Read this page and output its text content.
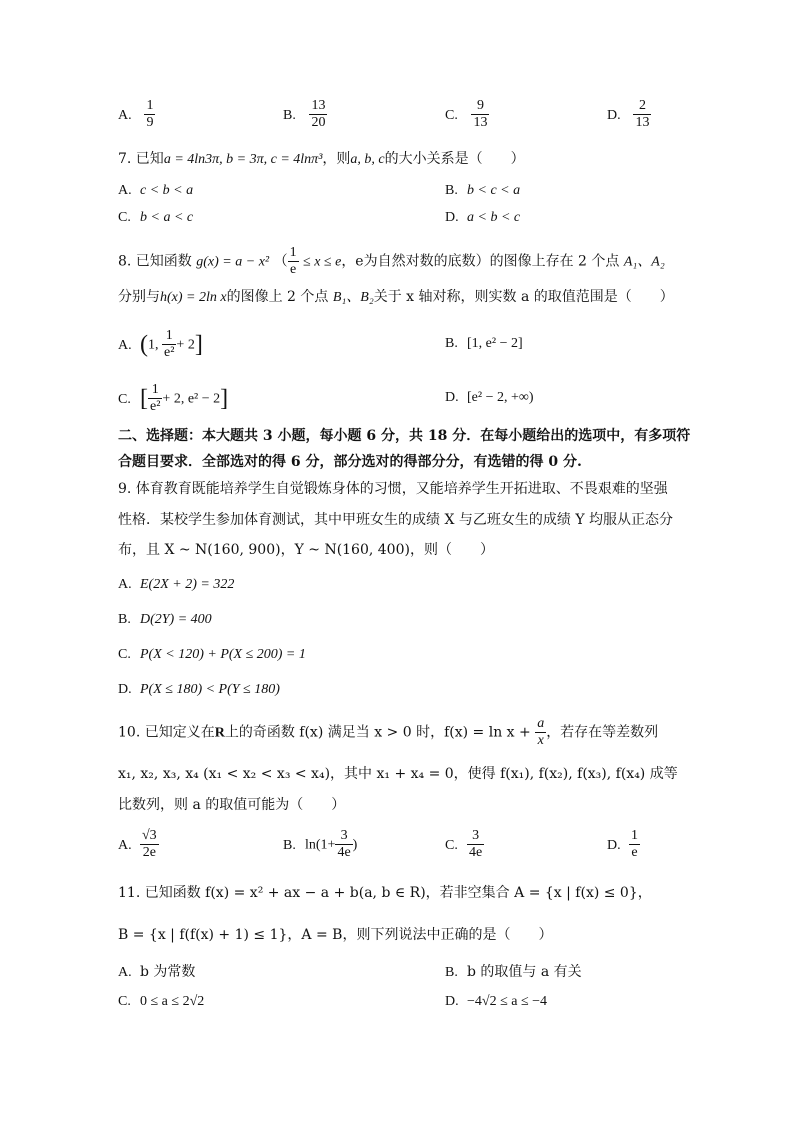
A. $\frac{1}{9}$	B. $\frac{13}{20}$	C. $\frac{9}{13}$	D. $\frac{2}{13}$
7. 已知a = 4ln3π, b = 3π, c = 4lnπ³，则a, b, c的大小关系是（　　）
A. c < b < a	B. b < c < a
C. b < a < c	D. a < b < c
8. 已知函数 g(x) = a − x² （ $\frac{1}{e} \le x \le e$，e为自然对数的底数）的图像上存在 2 个点 A₁、A₂
分别与h(x) = 2ln x的图像上 2 个点 B₁、B₂关于 x 轴对称，则实数 a 的取值范围是（　　）
A. (1, $\frac{1}{\text{e²}} + 2$]	B. [1, e² − 2]
C. [ $\frac{1}{\text{e²}} + 2$, e² − 2]	D. [e² − 2, +∞)
二、选择题：本大题共 3 小题，每小题 6 分，共 18 分．在每小题给出的选项中，有多项符
合题目要求．全部选对的得 6 分，部分选对的得部分分，有选错的得 0 分.
9. 体育教育既能培养学生自觉锻炼身体的习惯，又能培养学生开拓进取、不畏艰难的坚强
性格．某校学生参加体育测试，其中甲班女生的成绩 X 与乙班女生的成绩 Y 均服从正态分
布，且 X ~ N(160, 900)，Y ~ N(160, 400)，则（　　）
A. E(2X + 2) = 322
B. D(2Y) = 400
C. P(X < 120) + P(X ≤ 200) = 1
D. P(X ≤ 180) < P(Y ≤ 180)
10. 已知定义在R上的奇函数 f(x) 满足当 x > 0 时，$f(x) = \ln x + \frac{a}{x}$ ，若存在等差数列
x₁, x₂, x₃, x₄ (x₁ < x₂ < x₃ < x₄)，其中 x₁ + x₄ = 0，使得 f(x₁), f(x₂), f(x₃), f(x₄) 成等
比数列，则 a 的取值可能为（　　）
A. $\frac{√3}{2e}$	B. $\ln(1+ \frac{3}{4e}$ )	C. $\frac{3}{4e}$	D. $\frac{1}{e}$
11. 已知函数 f(x) = x² + ax − a + b(a, b ∈ R)，若非空集合 A = {x | f(x) ≤ 0}，
B = {x | f(f(x) + 1) ≤ 1}，A = B，则下列说法中正确的是（　　）
A. b 为常数	B. b 的取值与 a 有关
C. 0 ≤ a ≤ 2√2	D. −4√2 ≤ a ≤ −4
